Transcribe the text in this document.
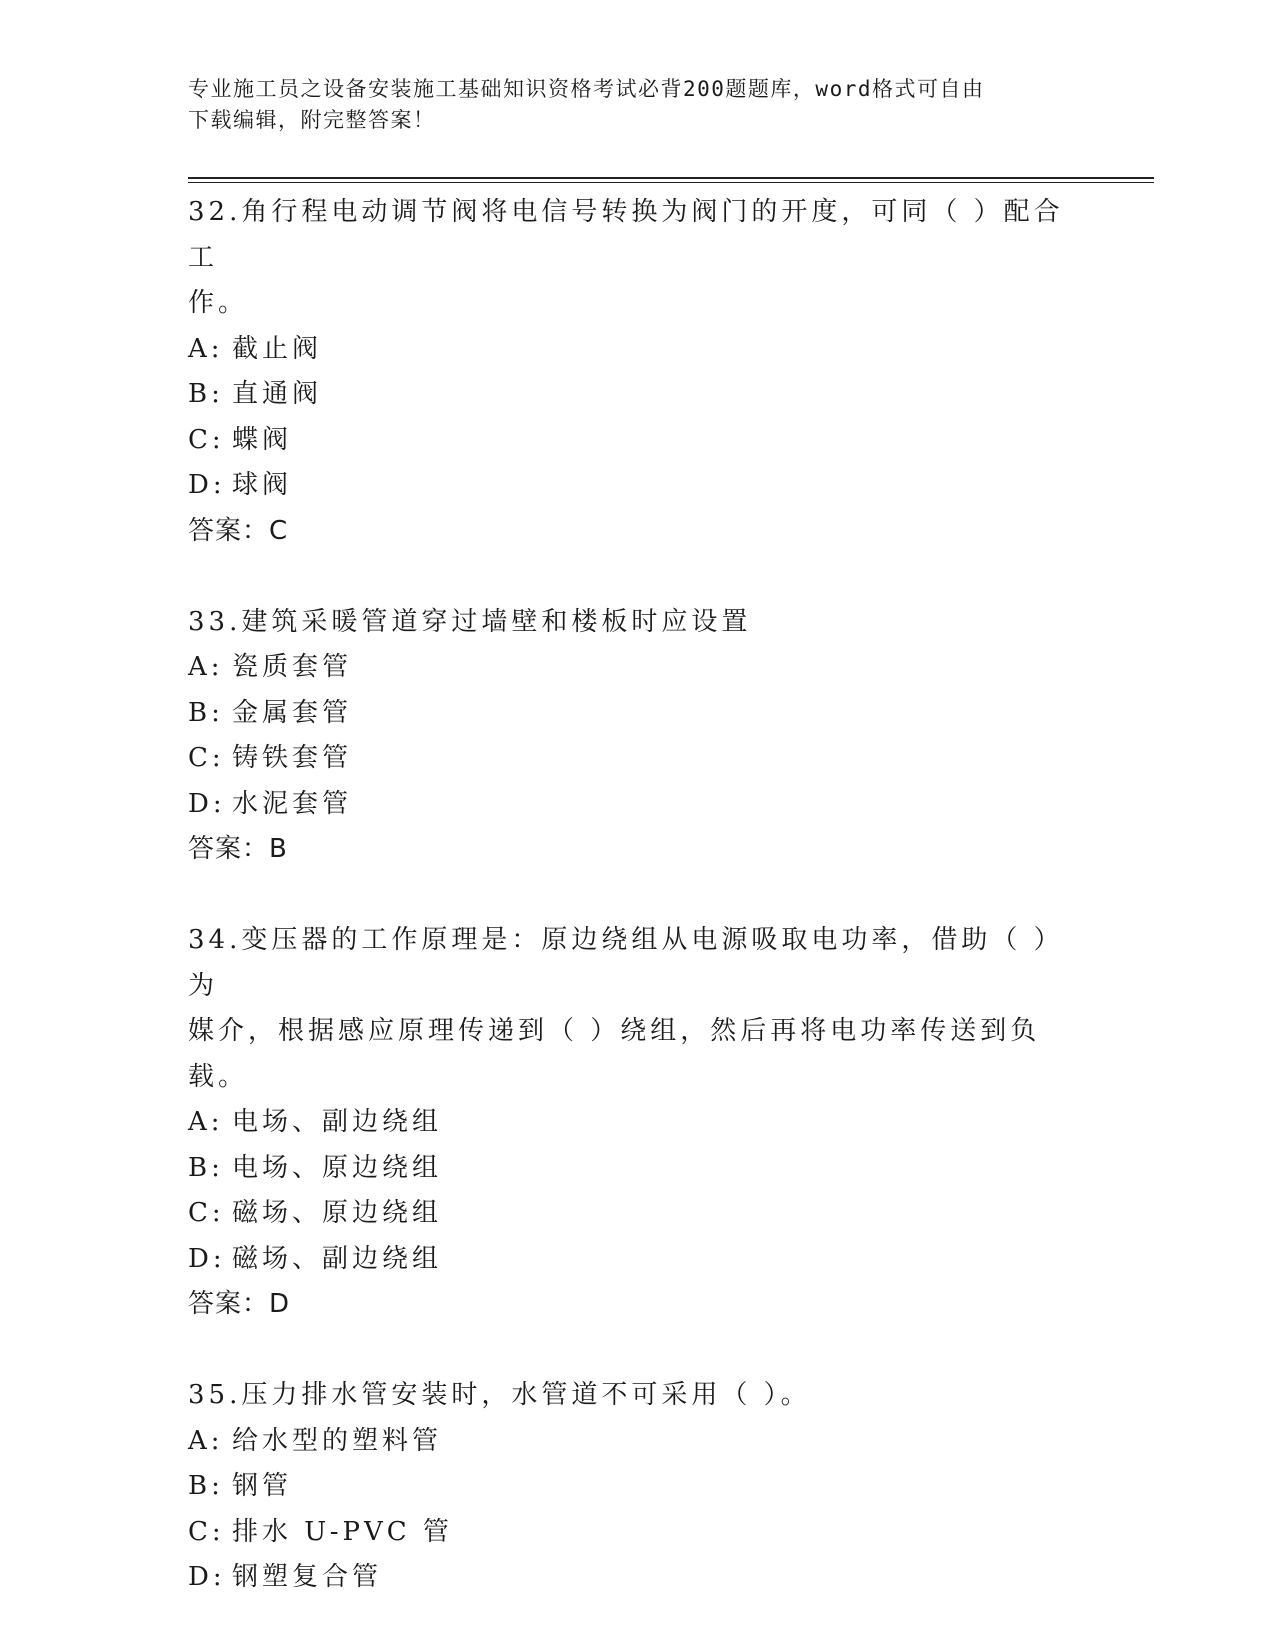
专业施工员之设备安装施工基础知识资格考试必背200题题库，word格式可自由
下载编辑，附完整答案！
32.角行程电动调节阀将电信号转换为阀门的开度，可同（ ）配合工
作。
A: 截止阀
B: 直通阀
C: 蝶阀
D: 球阀
答案：C
33.建筑采暖管道穿过墙壁和楼板时应设置
A: 瓷质套管
B: 金属套管
C: 铸铁套管
D: 水泥套管
答案：B
34.变压器的工作原理是：原边绕组从电源吸取电功率，借助（ ）为
媒介，根据感应原理传递到（ ）绕组，然后再将电功率传送到负载。
A: 电场、副边绕组
B: 电场、原边绕组
C: 磁场、原边绕组
D: 磁场、副边绕组
答案：D
35.压力排水管安装时，水管道不可采用（ ）。
A: 给水型的塑料管
B: 钢管
C: 排水 U-PVC 管
D: 钢塑复合管
